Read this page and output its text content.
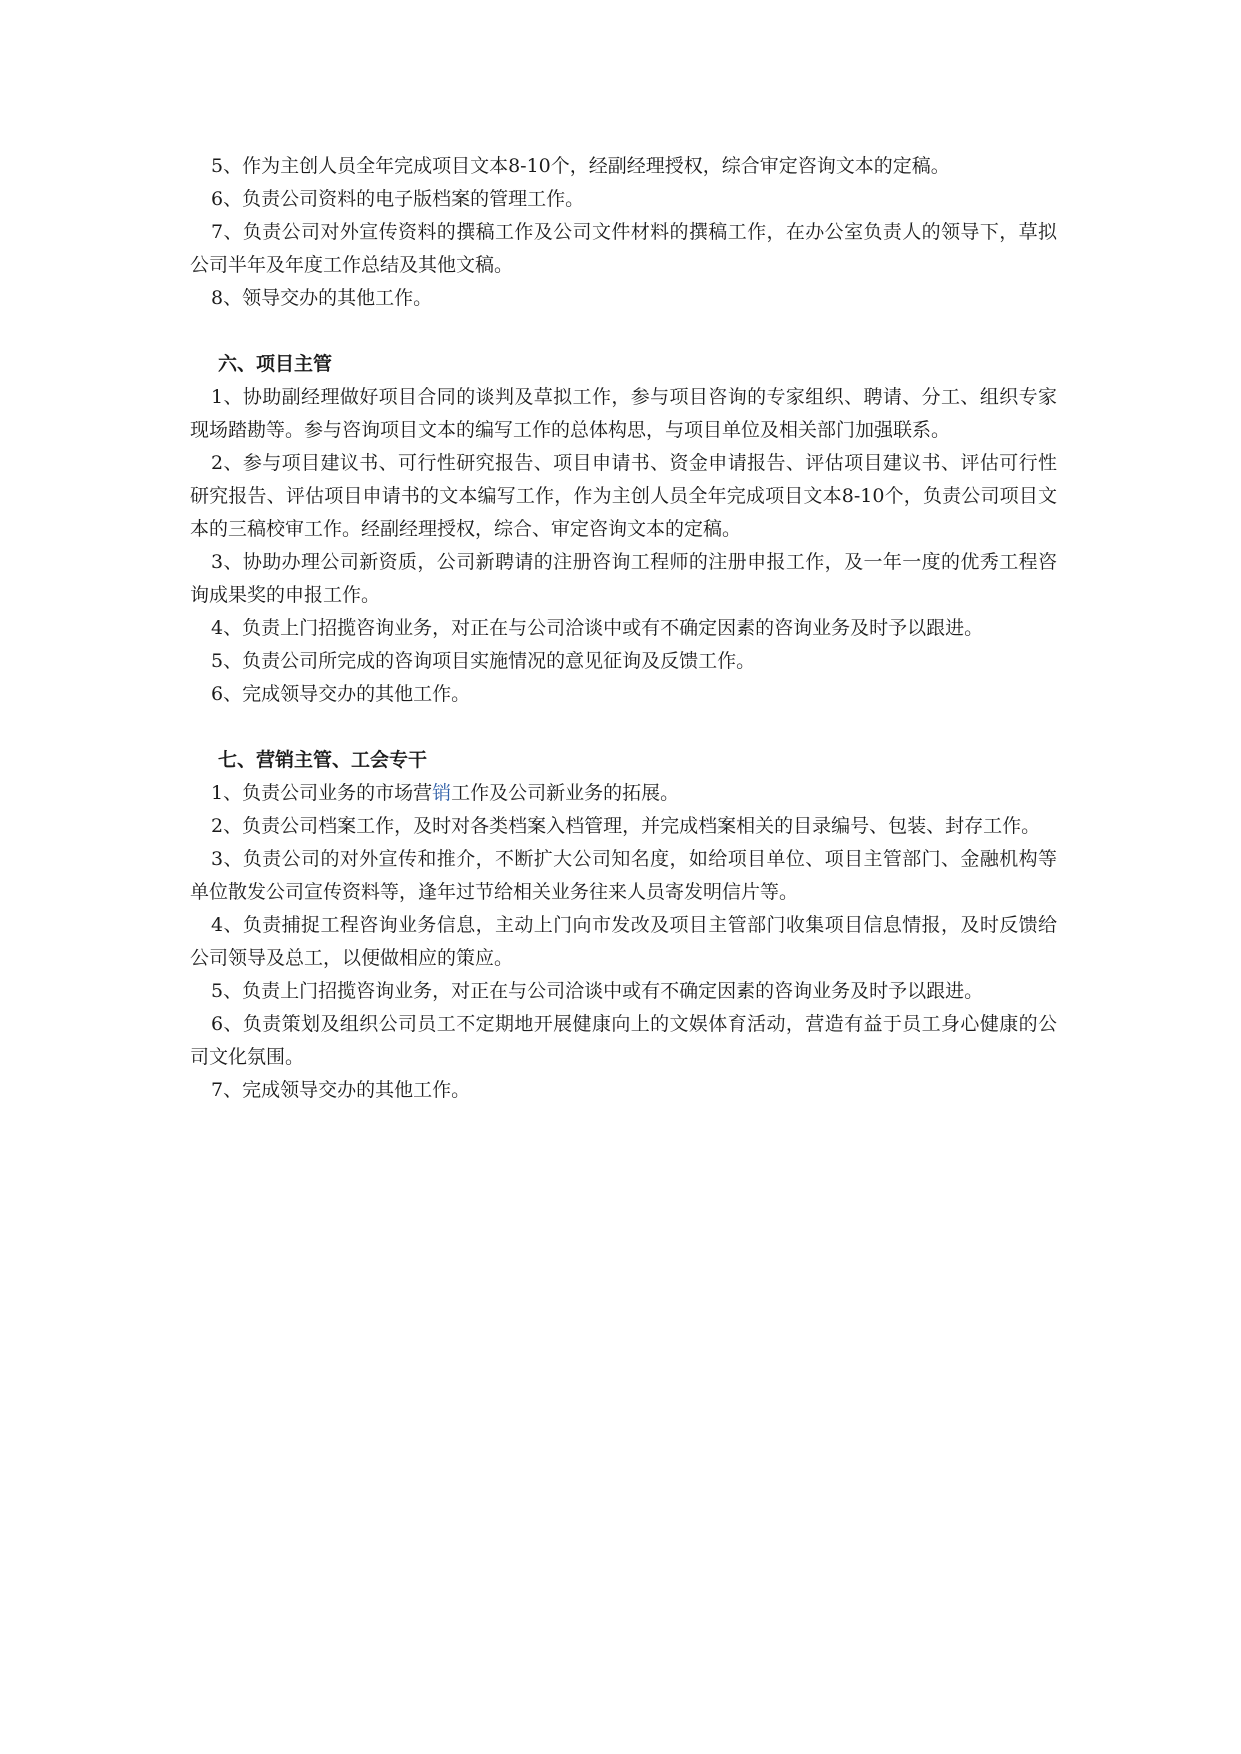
5、作为主创人员全年完成项目文本8-10个，经副经理授权，综合审定咨询文本的定稿。

6、负责公司资料的电子版档案的管理工作。

7、负责公司对外宣传资料的撰稿工作及公司文件材料的撰稿工作，在办公室负责人的领导下，草拟公司半年及年度工作总结及其他文稿。

8、领导交办的其他工作。

六、项目主管

1、协助副经理做好项目合同的谈判及草拟工作，参与项目咨询的专家组织、聘请、分工、组织专家现场踏勘等。参与咨询项目文本的编写工作的总体构思，与项目单位及相关部门加强联系。

2、参与项目建议书、可行性研究报告、项目申请书、资金申请报告、评估项目建议书、评估可行性研究报告、评估项目申请书的文本编写工作，作为主创人员全年完成项目文本8-10个，负责公司项目文本的三稿校审工作。经副经理授权，综合、审定咨询文本的定稿。

3、协助办理公司新资质，公司新聘请的注册咨询工程师的注册申报工作，及一年一度的优秀工程咨询成果奖的申报工作。

4、负责上门招揽咨询业务，对正在与公司洽谈中或有不确定因素的咨询业务及时予以跟进。

5、负责公司所完成的咨询项目实施情况的意见征询及反馈工作。

6、完成领导交办的其他工作。

七、营销主管、工会专干

1、负责公司业务的市场营销工作及公司新业务的拓展。

2、负责公司档案工作，及时对各类档案入档管理，并完成档案相关的目录编号、包装、封存工作。

3、负责公司的对外宣传和推介，不断扩大公司知名度，如给项目单位、项目主管部门、金融机构等单位散发公司宣传资料等，逢年过节给相关业务往来人员寄发明信片等。

4、负责捕捉工程咨询业务信息，主动上门向市发改及项目主管部门收集项目信息情报，及时反馈给公司领导及总工，以便做相应的策应。

5、负责上门招揽咨询业务，对正在与公司洽谈中或有不确定因素的咨询业务及时予以跟进。

6、负责策划及组织公司员工不定期地开展健康向上的文娱体育活动，营造有益于员工身心健康的公司文化氛围。

7、完成领导交办的其他工作。
